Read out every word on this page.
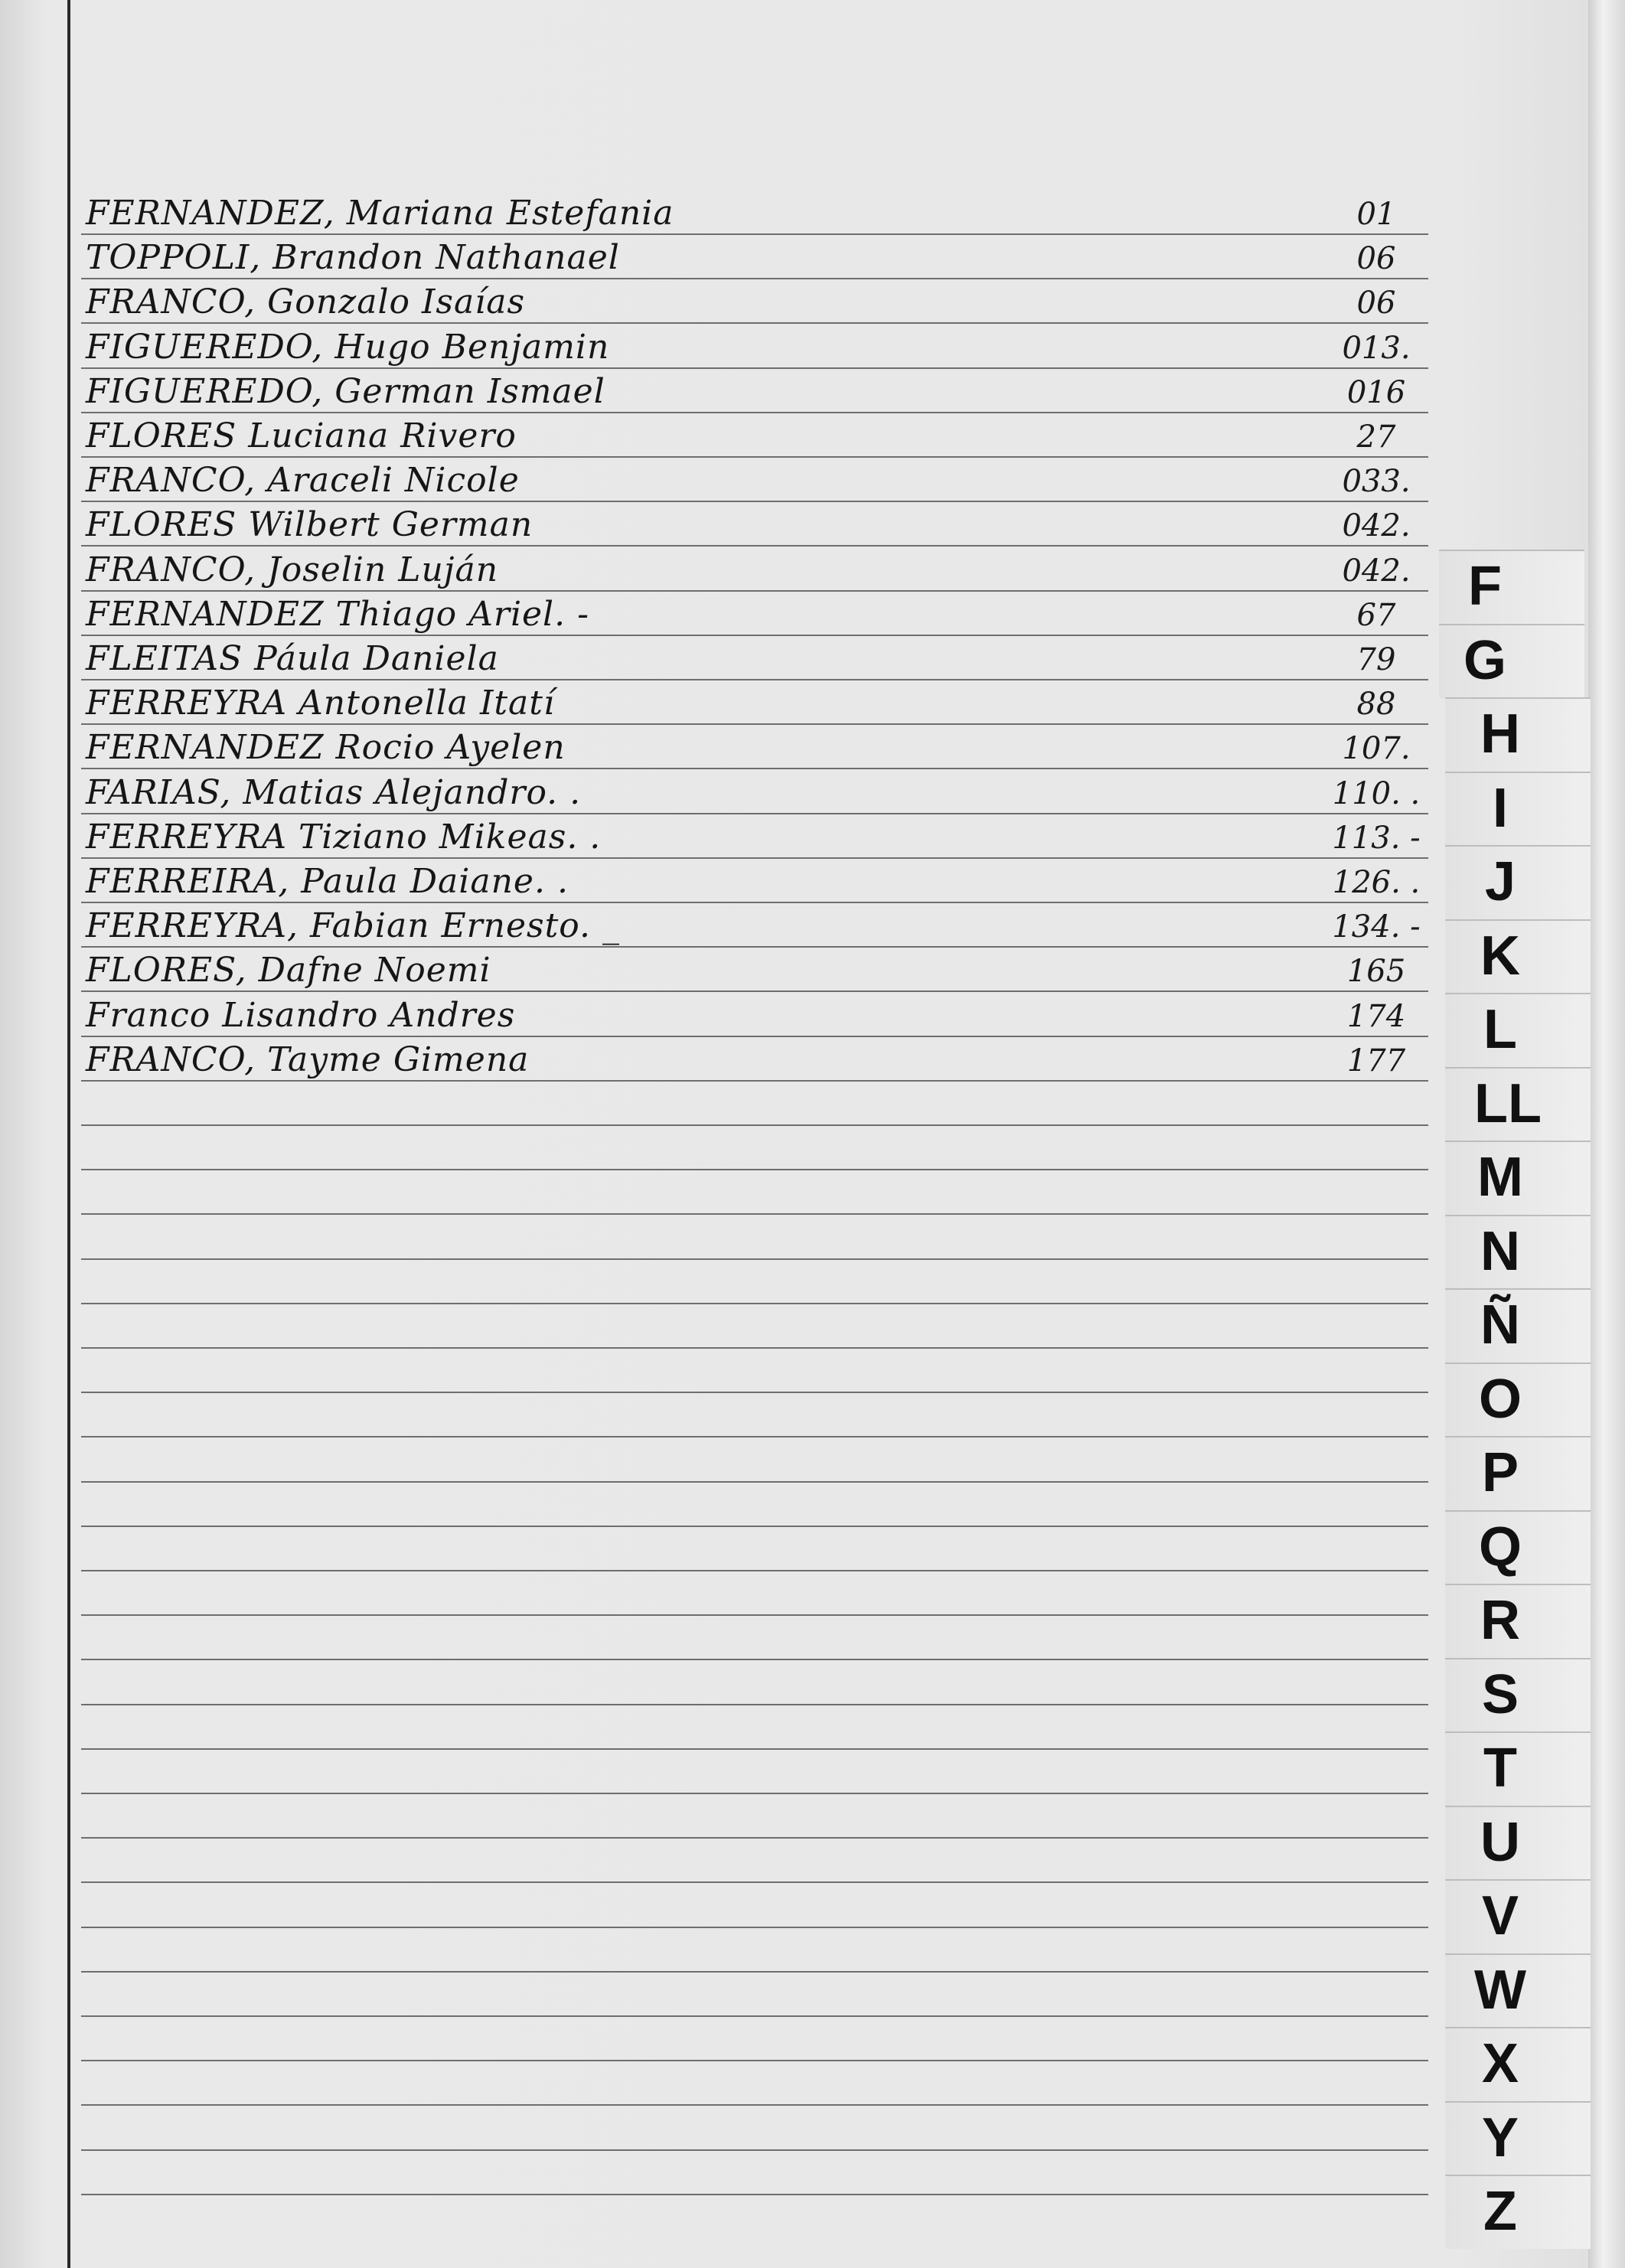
FERNANDEZ, Mariana Estefania	01
TOPPOLI, Brandon Nathanael	06
FRANCO, Gonzalo Isaías	06
FIGUEREDO, Hugo Benjamin	013.
FIGUEREDO, German Ismael	016
FLORES Luciana Rivero	27
FRANCO, Araceli Nicole	033.
FLORES Wilbert German	042.
FRANCO, Joselin Luján	042.
FERNANDEZ Thiago Ariel. -	67
FLEITAS Páula Daniela	79
FERREYRA Antonella Itatí	88
FERNANDEZ Rocio Ayelen	107.
FARIAS, Matias Alejandro. .	110. .
FERREYRA Tiziano Mikeas. .	113. -
FERREIRA, Paula Daiane. .	126. .
FERREYRA, Fabian Ernesto. _	134. -
FLORES, Dafne Noemi	165
Franco Lisandro Andres	174
FRANCO, Tayme Gimena	177
F
G
H
I
J
K
L
LL
M
N
Ñ
O
P
Q
R
S
T
U
V
W
X
Y
Z
